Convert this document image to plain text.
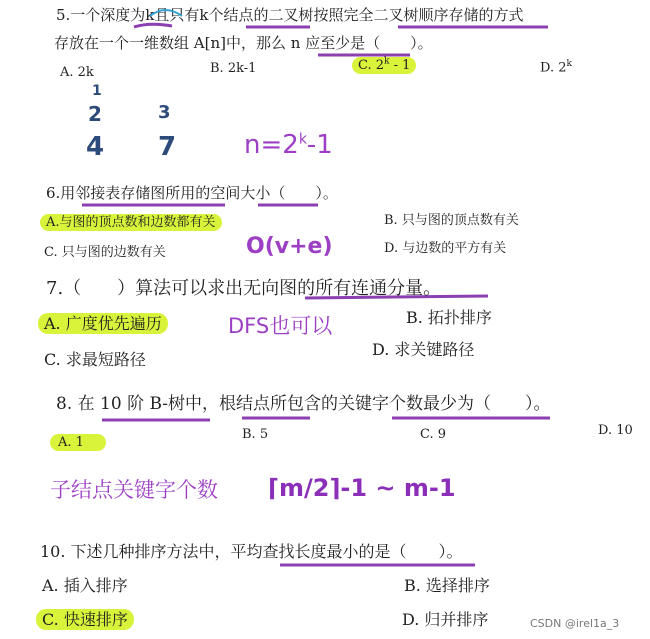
5.一个深度为k且只有k个结点的二叉树按照完全二叉树顺序存储的方式
存放在一个一维数组 A[n]中，那么 n 应至少是（　　）。
A. 2k	B. 2k-1	C. 2$^k$ - 1	D. 2$^k$
1
2
4
3
7	$n=2^k-1$
6.用邻接表存储图所用的空间大小（　　）。
A.与图的顶点数和边数都有关	B. 只与图的顶点数有关
C. 只与图的边数有关	O(v+e)	D. 与边数的平方有关
7.（　　）算法可以求出无向图的所有连通分量。
A. 广度优先遍历	DFS也可以	B. 拓扑排序
C. 求最短路径
D. 求关键路径
8. 在 10 阶 B-树中，根结点所包含的关键字个数最少为（　　）。
A. 1
B. 5	C. 9	D. 10
子结点关键字个数 ⌈m/2⌉-1 ~ m-1
10. 下述几种排序方法中，平均查找长度最小的是（　　）。
A. 插入排序	B. 选择排序
C. 快速排序	D. 归并排序	CSDN @irel1a_3
